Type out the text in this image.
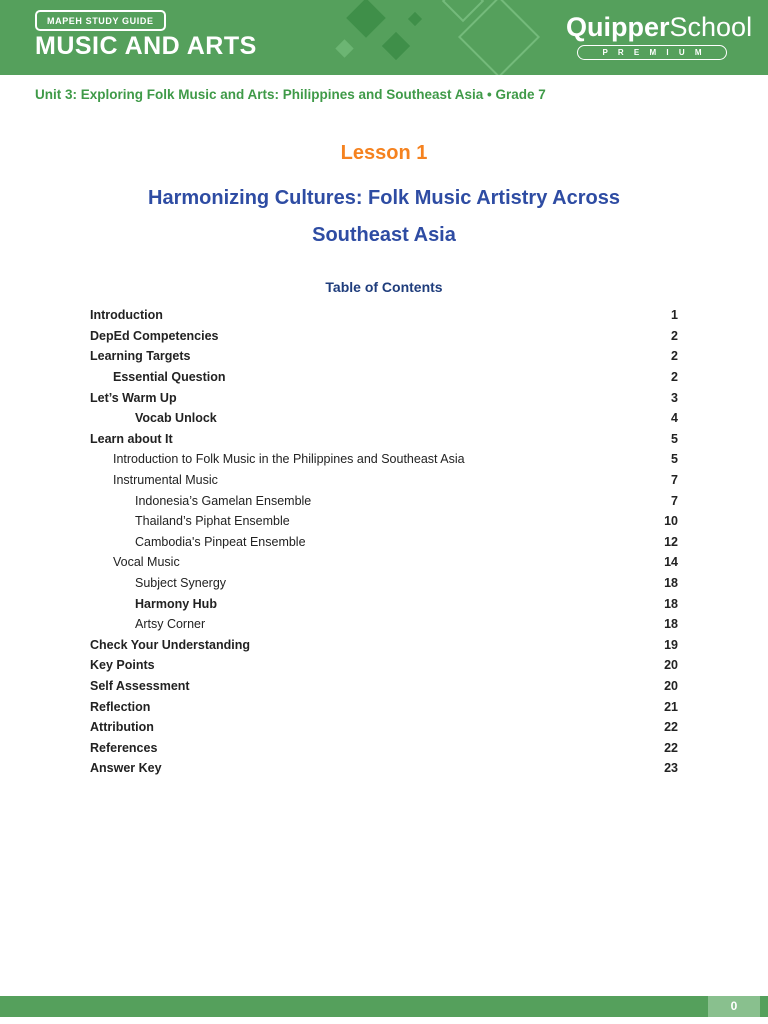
MAPEH STUDY GUIDE
MUSIC AND ARTS
QuipperSchool
P R E M I U M
Unit 3: Exploring Folk Music and Arts: Philippines and Southeast Asia • Grade 7
Lesson 1
Harmonizing Cultures: Folk Music Artistry Across Southeast Asia
Table of Contents
Introduction	1
DepEd Competencies	2
Learning Targets	2
Essential Question	2
Let’s Warm Up	3
Vocab Unlock	4
Learn about It	5
Introduction to Folk Music in the Philippines and Southeast Asia	5
Instrumental Music	7
Indonesia’s Gamelan Ensemble	7
Thailand’s Piphat Ensemble	10
Cambodia's Pinpeat Ensemble	12
Vocal Music	14
Subject Synergy	18
Harmony Hub	18
Artsy Corner	18
Check Your Understanding	19
Key Points	20
Self Assessment	20
Reflection	21
Attribution	22
References	22
Answer Key	23
0
